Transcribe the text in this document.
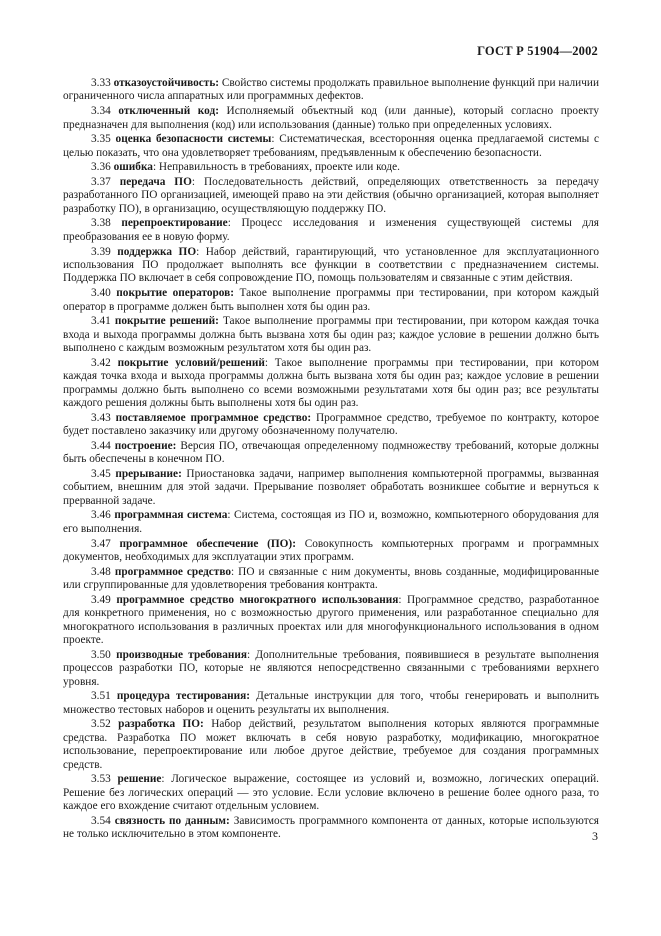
ГОСТ Р 51904—2002

3.33 отказоустойчивость: Свойство системы продолжать правильное выполнение функций при наличии ограниченного числа аппаратных или программных дефектов.

3.34 отключенный код: Исполняемый объектный код (или данные), который согласно проекту предназначен для выполнения (код) или использования (данные) только при определенных условиях.

3.35 оценка безопасности системы: Систематическая, всесторонняя оценка предлагаемой системы с целью показать, что она удовлетворяет требованиям, предъявленным к обеспечению безопасности.

3.36 ошибка: Неправильность в требованиях, проекте или коде.

3.37 передача ПО: Последовательность действий, определяющих ответственность за передачу разработанного ПО организацией, имеющей право на эти действия (обычно организацией, которая выполняет разработку ПО), в организацию, осуществляющую поддержку ПО.

3.38 перепроектирование: Процесс исследования и изменения существующей системы для преобразования ее в новую форму.

3.39 поддержка ПО: Набор действий, гарантирующий, что установленное для эксплуатационного использования ПО продолжает выполнять все функции в соответствии с предназначением системы. Поддержка ПО включает в себя сопровождение ПО, помощь пользователям и связанные с этим действия.

3.40 покрытие операторов: Такое выполнение программы при тестировании, при котором каждый оператор в программе должен быть выполнен хотя бы один раз.

3.41 покрытие решений: Такое выполнение программы при тестировании, при котором каждая точка входа и выхода программы должна быть вызвана хотя бы один раз; каждое условие в решении должно быть выполнено с каждым возможным результатом хотя бы один раз.

3.42 покрытие условий/решений: Такое выполнение программы при тестировании, при котором каждая точка входа и выхода программы должна быть вызвана хотя бы один раз; каждое условие в решении программы должно быть выполнено со всеми возможными результатами хотя бы один раз; все результаты каждого решения должны быть выполнены хотя бы один раз.

3.43 поставляемое программное средство: Программное средство, требуемое по контракту, которое будет поставлено заказчику или другому обозначенному получателю.

3.44 построение: Версия ПО, отвечающая определенному подмножеству требований, которые должны быть обеспечены в конечном ПО.

3.45 прерывание: Приостановка задачи, например выполнения компьютерной программы, вызванная событием, внешним для этой задачи. Прерывание позволяет обработать возникшее событие и вернуться к прерванной задаче.

3.46 программная система: Система, состоящая из ПО и, возможно, компьютерного оборудования для его выполнения.

3.47 программное обеспечение (ПО): Совокупность компьютерных программ и программных документов, необходимых для эксплуатации этих программ.

3.48 программное средство: ПО и связанные с ним документы, вновь созданные, модифицированные или сгруппированные для удовлетворения требования контракта.

3.49 программное средство многократного использования: Программное средство, разработанное для конкретного применения, но с возможностью другого применения, или разработанное специально для многократного использования в различных проектах или для многофункционального использования в одном проекте.

3.50 производные требования: Дополнительные требования, появившиеся в результате выполнения процессов разработки ПО, которые не являются непосредственно связанными с требованиями верхнего уровня.

3.51 процедура тестирования: Детальные инструкции для того, чтобы генерировать и выполнить множество тестовых наборов и оценить результаты их выполнения.

3.52 разработка ПО: Набор действий, результатом выполнения которых являются программные средства. Разработка ПО может включать в себя новую разработку, модификацию, многократное использование, перепроектирование или любое другое действие, требуемое для создания программных средств.

3.53 решение: Логическое выражение, состоящее из условий и, возможно, логических операций. Решение без логических операций — это условие. Если условие включено в решение более одного раза, то каждое его вхождение считают отдельным условием.

3.54 связность по данным: Зависимость программного компонента от данных, которые используются не только исключительно в этом компоненте.	3
